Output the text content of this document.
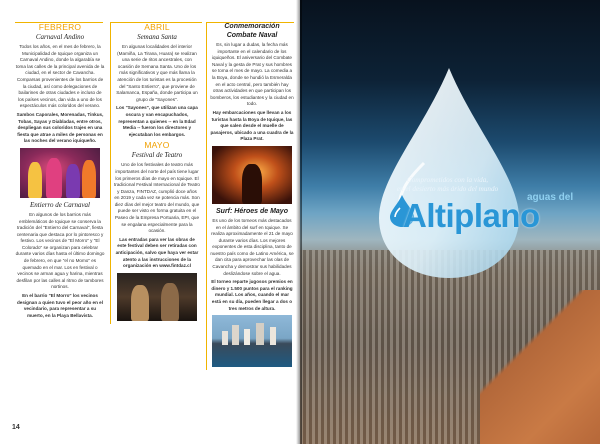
FEBRERO
Carnaval Andino

Todos los años, en el mes de febrero, la Municipalidad de Iquique organiza un Carnaval Andino, donde la algarabía se toma las calles de la principal avenida de la ciudad, en el sector de Cavancha. Comparsas provenientes de los barrios de la ciudad, así como delegaciones de bailarines de otras ciudades e incluso de los países vecinos, dan vida a uno de los espectáculos más coloridos del verano.

Sambos Caporales, Morenadas, Tinkus, Tobas, Sayas y Diabladas, entre otros, despliegan sus coloridos trajes en una fiesta que atrae a miles de personas en las noches del verano iquiqueño.

Entierro de Carnaval

En algunos de los barrios más emblemáticos de Iquique se conserva la tradición del "Entierro del Carnaval", fiesta centenaria que destaca por lo pintoresco y festivo. Los vecinos de "El Morro" y "El Colorado" se organizan para celebrar durante varios días hasta el último domingo de febrero, en que "el no Momo" es quemado en el mar. Los en festival o vecinos se arman agua y harina, mientras desfilan por las calles al ritmo de tambores nortinos.

En el barrio "El Morro" los vecinos designan a quien tuvo el peor año en el vecindario, para representar a su muerto, en la Playa Bellavista.

ABRIL
Semana Santa

En algunas localidades del interior (Mamiña, La Tirana, Huara) se realizan una serie de ritos ancestrales, con ocasión de Semana Santa. Uno de los más significativos y que más llama la atención de los turistas es la procesión del "Santo Entierro", que proviene de Salamanca, España, donde participa un grupo de "Sayones".

Los "Sayones", que utilizan una capa oscura y van encapuchados, representan a quienes -- en la Edad Media -- fueron los directores y ejecutaban los embargos.

MAYO
Festival de Teatro

Uno de los festivales de teatro más importantes del norte del país tiene lugar los primeros días de mayo en Iquique. El tradicional Festival Internacional de Teatro y Danza, FINTDAZ, cumplió doce años en 2019 y cada vez se potencia más. Son diez días del mejor teatro del mundo, que puede ser visto en forma gratuita en el Paseo de la Empresa Portuaria, EPI, que se engalana especialmente para la ocasión.

Las entradas para ver las obras de este festival deben ser retiradas con anticipación, salvo que haya ver estar atento a las instrucciones de la organización en www.fintdaz.cl

Conmemoración Combate Naval

Es, sin lugar a dudas, la fecha más importante en el calendario de los iquiqueños. El aniversario del Combate Naval y la gesta de Prat y sus hombres se toma el mes de mayo. La comedia a la Boya, donde se hundió la Esmeralda en el acto central, pero también hay otras actividades en que participan los bomberos, los estudiantes y la ciudad en todo.

Hay embarcaciones que llevan a los turistas hasta la Boya de Iquique, las que salen desde el muelle de pasajeros, ubicado a una cuadra de la Plaza Prat.

Surf: Héroes de Mayo

Es uno de los torneos más destacados en el ámbito del surf en Iquique. Se realiza aproximadamente el 21 de mayo durante varios días. Los mejores exponentes de esta disciplina, tanto de nuestro país como de Latino América, se dan cita para aprovechar las olas de Cavancha y demostrar sus habilidades deslizándose sobre el agua.

El torneo reparte jugosos premios en dinero y 1.500 puntos para el ranking mundial. Los años, cuando el mar está en su día, pueden llegar a dos o tres metros de altura.

14
Comprometidos con la vida,
en el desierto más árido del mundo
aguas del
Altiplano
